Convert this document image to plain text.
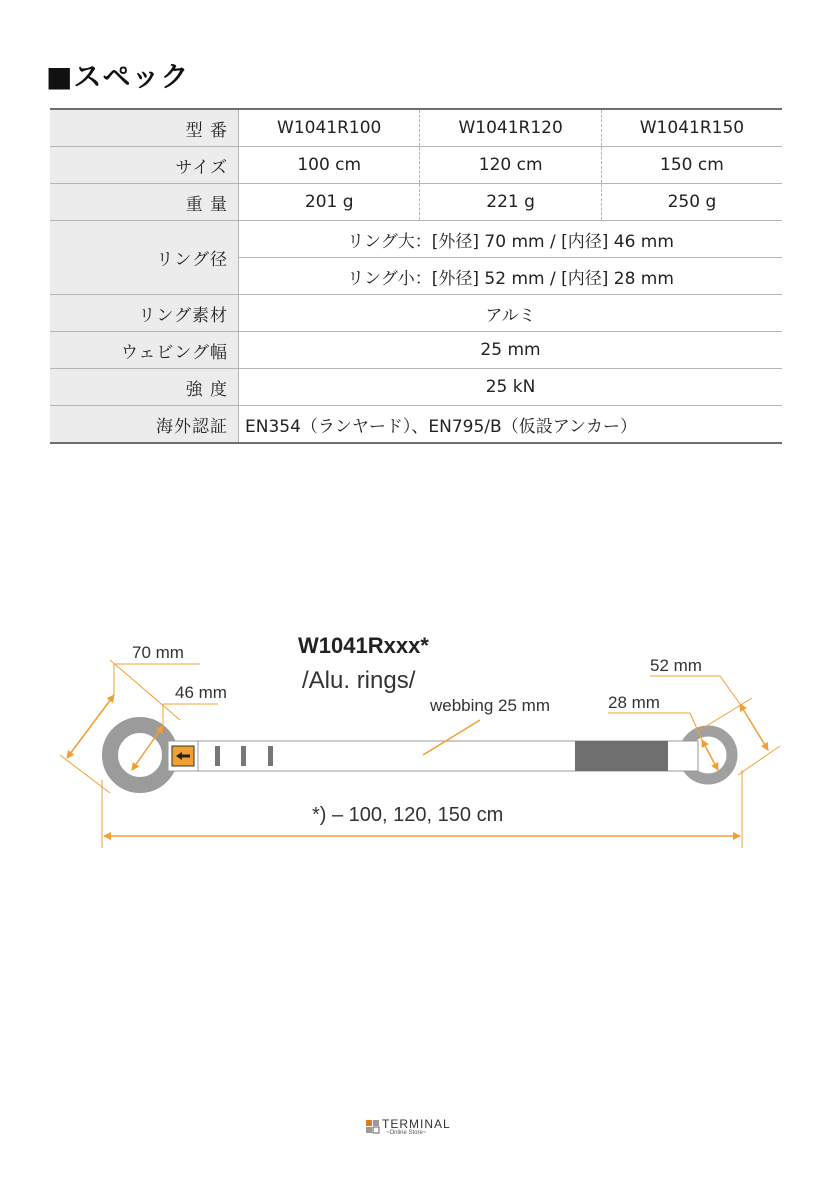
■スペック
型 番	W1041R100	W1041R120	W1041R150
サイズ	100 cm	120 cm	150 cm
重 量	201 g	221 g	250 g
リング径	リング大：[外径] 70 mm / [内径] 46 mm		
	リング小：[外径] 52 mm / [内径] 28 mm		
リング素材	アルミ		
ウェビング幅	25 mm		
強 度	25 kN		
海外認証	EN354（ランヤード）、EN795/B（仮設アンカー）		
70 mm
46 mm
W1041Rxxx*
/Alu. rings/
webbing 25 mm
52 mm
28 mm
*) – 100, 120, 150 cm
TERMINAL
~Online Store~
